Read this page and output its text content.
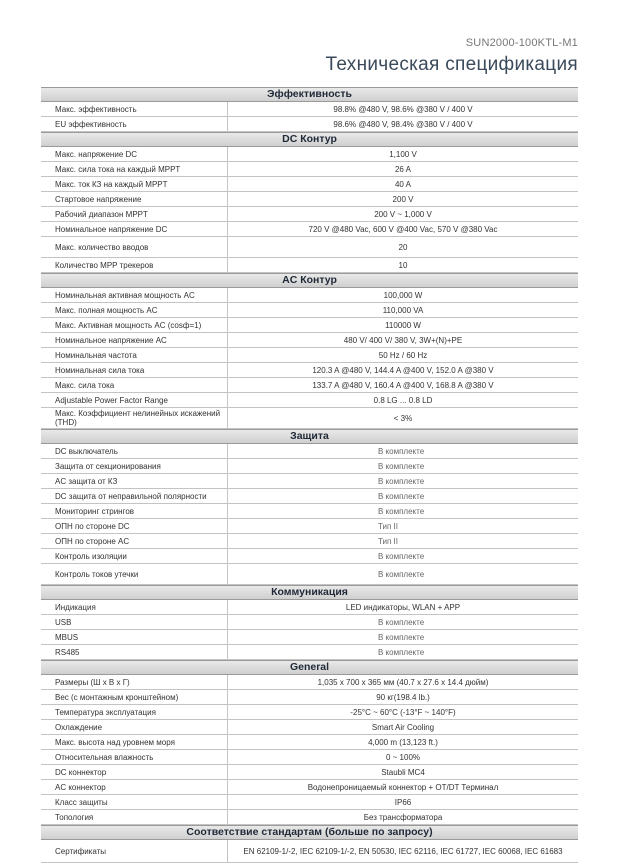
SUN2000-100KTL-M1
Техническая спецификация
Эффективность
Макс. эффективность	98.8% @480 V, 98.6% @380 V / 400 V
EU эффективность	98.6% @480 V, 98.4% @380 V / 400 V
DC Контур
Макс. напряжение DC	1,100 V
Макс. сила тока на каждый MPPT	26 A
Макс. ток КЗ на каждый MPPT	40 A
Стартовое напряжение	200 V
Рабочий диапазон MPPT	200 V ~ 1,000 V
Номинальное напряжение DC	720 V @480 Vac, 600 V @400 Vac, 570 V @380 Vac
Макс. количество вводов	20
Количество MPP трекеров	10
AC Контур
Номинальная активная мощность AC	100,000 W
Макс. полная мощность AC	110,000 VA
Макс. Активная мощность AC (cosф=1)	110000 W
Номинальное напряжение AC	480 V/ 400 V/ 380 V, 3W+(N)+PE
Номинальная частота	50 Hz / 60 Hz
Номинальная сила тока	120.3 A @480 V, 144.4 A @400 V, 152.0 A @380 V
Макс. сила тока	133.7 A @480 V, 160.4 A @400 V, 168.8 A @380 V
Adjustable Power Factor Range	0.8 LG ... 0.8 LD
Макс. Коэффициент нелинейных искажений (THD)	< 3%
Защита
DC выключатель	В комплекте
Защита от секционирования	В комплекте
AC защита от КЗ	В комплекте
DC защита от неправильной полярности	В комплекте
Мониторинг стрингов	В комплекте
ОПН по стороне DC	Тип II
ОПН по стороне AC	Тип II
Контроль изоляции	В комплекте
Контроль токов утечки	В комплекте
Коммуникация
Индикация	LED индикаторы, WLAN + APP
USB	В комплекте
MBUS	В комплекте
RS485	В комплекте
General
Размеры (Ш x В x Г)	1,035 x 700 x 365 мм (40.7 x 27.6 x 14.4 дюйм)
Вес (с монтажным кронштейном)	90 кг(198.4 lb.)
Температура эксплуатация	-25°C ~ 60°C (-13°F ~ 140°F)
Охлаждение	Smart Air Cooling
Макс. высота над уровнем моря	4,000 m (13,123 ft.)
Относительная влажность	0 ~ 100%
DC коннектор	Staubli MC4
AC коннектор	Водонепроницаемый коннектор + OT/DT Терминал
Класс защиты	IP66
Топология	Без трансформатора
Соответствие стандартам (больше по запросу)
Сертификаты	EN 62109-1/-2, IEC 62109-1/-2, EN 50530, IEC 62116, IEC 61727, IEC 60068, IEC 61683
